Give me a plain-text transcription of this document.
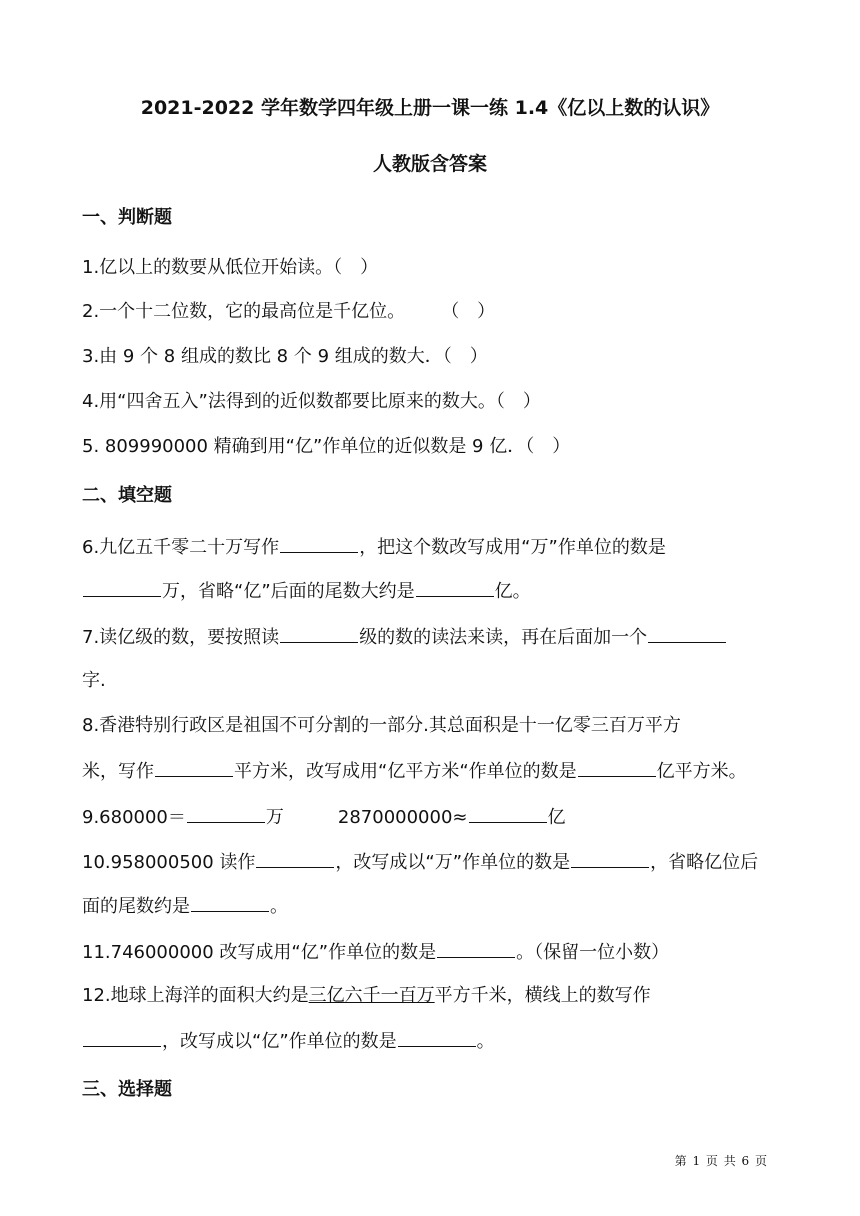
2021-2022 学年数学四年级上册一课一练 1.4《亿以上数的认识》
人教版含答案
一、判断题
1.亿以上的数要从低位开始读。（　）
2.一个十二位数，它的最高位是千亿位。 （　）
3.由 9 个 8 组成的数比 8 个 9 组成的数大．（　）
4.用“四舍五入”法得到的近似数都要比原来的数大。（　）
5. 809990000 精确到用“亿”作单位的近似数是 9 亿．（　）
二、填空题
6.九亿五千零二十万写作	，把这个数改写成用“万”作单位的数是
万，省略“亿”后面的尾数大约是	亿。
7.读亿级的数，要按照读	级的数的读法来读，再在后面加一个
字.
8.香港特别行政区是祖国不可分割的一部分.其总面积是十一亿零三百万平方
米，写作	平方米，改写成用“亿平方米“作单位的数是	亿平方米。
9.680000＝	万	2870000000≈	亿
10.958000500 读作	，改写成以“万”作单位的数是	，省略亿位后
面的尾数约是	。
11.746000000 改写成用“亿”作单位的数是	。（保留一位小数）
12.地球上海洋的面积大约是三亿六千一百万平方千米，横线上的数写作
，改写成以“亿”作单位的数是	。
三、选择题
第 1 页 共 6 页
